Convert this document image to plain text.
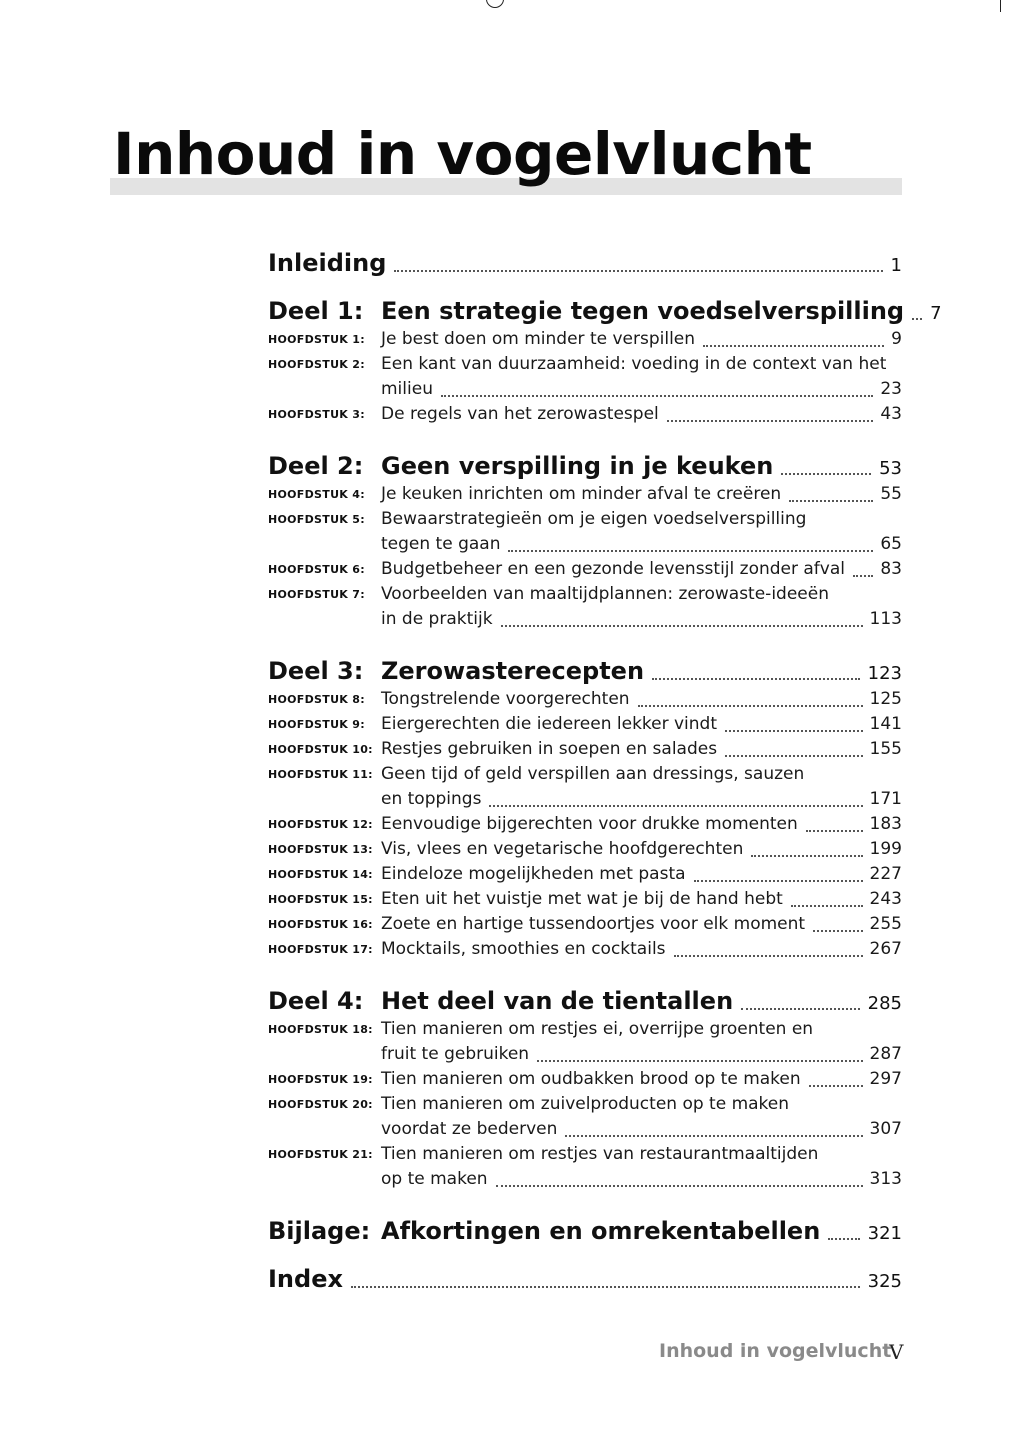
Inhoud in vogelvlucht
Inleiding	1
Deel 1: Een strategie tegen voedselverspilling	7
HOOFDSTUK 1: Je best doen om minder te verspillen	9
HOOFDSTUK 2: Een kant van duurzaamheid: voeding in de context van het
milieu	23
HOOFDSTUK 3: De regels van het zerowastespel	43
Deel 2: Geen verspilling in je keuken	53
HOOFDSTUK 4: Je keuken inrichten om minder afval te creëren	55
HOOFDSTUK 5: Bewaarstrategieën om je eigen voedselverspilling
tegen te gaan	65
HOOFDSTUK 6: Budgetbeheer en een gezonde levensstijl zonder afval 83
HOOFDSTUK 7: Voorbeelden van maaltijdplannen: zerowaste-ideeën
in de praktijk	113
Deel 3: Zerowasterecepten	123
HOOFDSTUK 8: Tongstrelende voorgerechten	125
HOOFDSTUK 9: Eiergerechten die iedereen lekker vindt	141
HOOFDSTUK 10: Restjes gebruiken in soepen en salades	155
HOOFDSTUK 11: Geen tijd of geld verspillen aan dressings, sauzen
en toppings	171
HOOFDSTUK 12: Eenvoudige bijgerechten voor drukke momenten	183
HOOFDSTUK 13: Vis, vlees en vegetarische hoofdgerechten	199
HOOFDSTUK 14: Eindeloze mogelijkheden met pasta	227
HOOFDSTUK 15: Eten uit het vuistje met wat je bij de hand hebt	243
HOOFDSTUK 16: Zoete en hartige tussendoortjes voor elk moment	255
HOOFDSTUK 17: Mocktails, smoothies en cocktails	267
Deel 4: Het deel van de tientallen	285
HOOFDSTUK 18: Tien manieren om restjes ei, overrijpe groenten en
fruit te gebruiken	287
HOOFDSTUK 19: Tien manieren om oudbakken brood op te maken	297
HOOFDSTUK 20: Tien manieren om zuivelproducten op te maken
voordat ze bederven	307
HOOFDSTUK 21: Tien manieren om restjes van restaurantmaaltijden
op te maken	313
Bijlage: Afkortingen en omrekentabellen	321
Index	325
Inhoud in vogelvlucht
V
